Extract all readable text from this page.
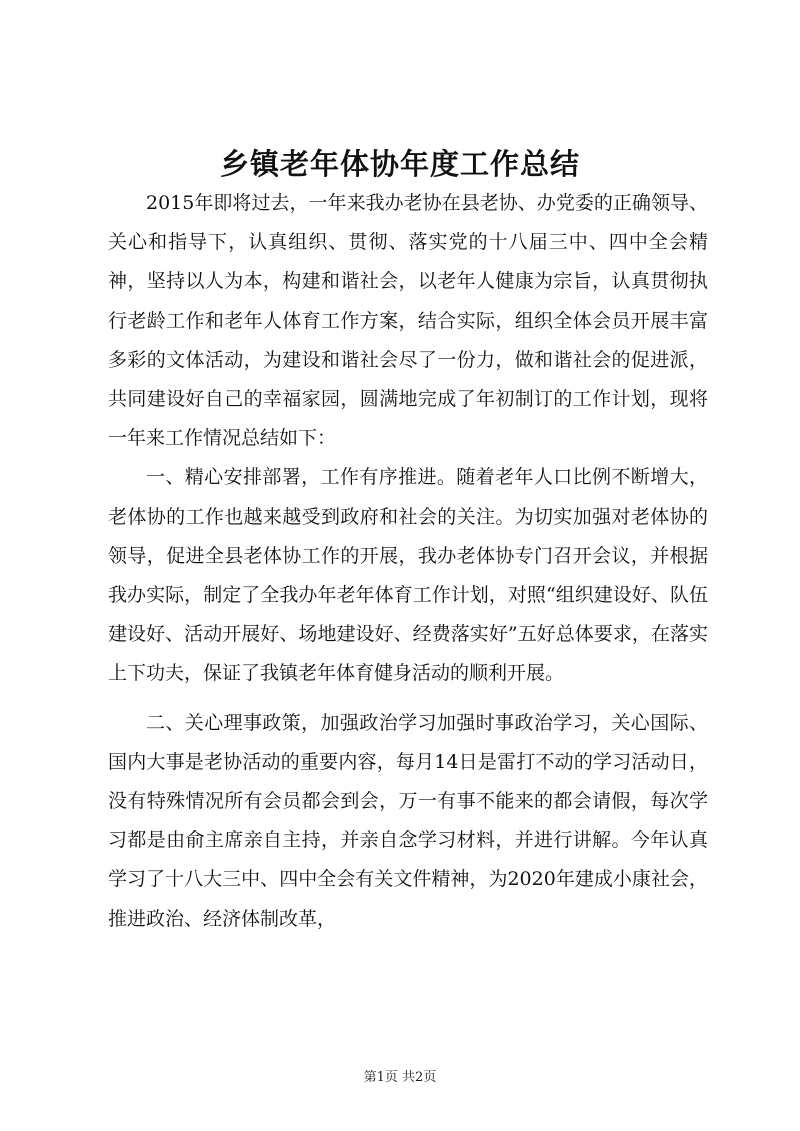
乡镇老年体协年度工作总结

2015年即将过去，一年来我办老协在县老协、办党委的正确领导、关心和指导下，认真组织、贯彻、落实党的十八届三中、四中全会精神，坚持以人为本，构建和谐社会，以老年人健康为宗旨，认真贯彻执行老龄工作和老年人体育工作方案，结合实际，组织全体会员开展丰富多彩的文体活动，为建设和谐社会尽了一份力，做和谐社会的促进派，共同建设好自己的幸福家园，圆满地完成了年初制订的工作计划，现将一年来工作情况总结如下：

一、精心安排部署，工作有序推进。随着老年人口比例不断增大，老体协的工作也越来越受到政府和社会的关注。为切实加强对老体协的领导，促进全县老体协工作的开展，我办老体协专门召开会议，并根据我办实际，制定了全我办年老年体育工作计划，对照“组织建设好、队伍建设好、活动开展好、场地建设好、经费落实好”五好总体要求，在落实上下功夫，保证了我镇老年体育健身活动的顺利开展。

二、关心理事政策，加强政治学习加强时事政治学习，关心国际、国内大事是老协活动的重要内容，每月14日是雷打不动的学习活动日，没有特殊情况所有会员都会到会，万一有事不能来的都会请假，每次学习都是由俞主席亲自主持，并亲自念学习材料，并进行讲解。今年认真学习了十八大三中、四中全会有关文件精神，为2020年建成小康社会，推进政治、经济体制改革，

第1页 共2页
